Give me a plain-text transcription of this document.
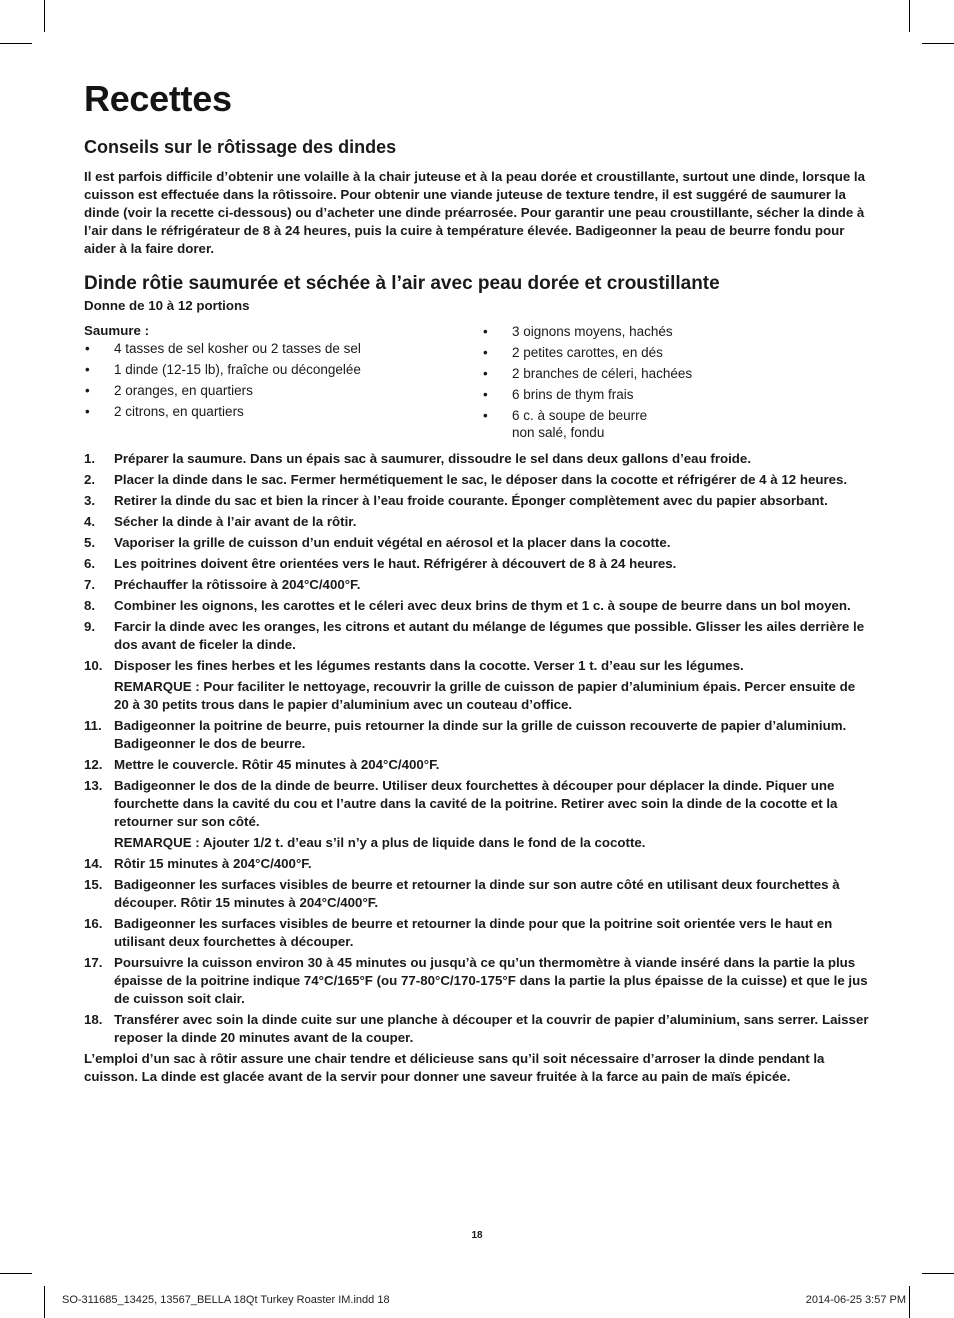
Recettes
Conseils sur le rôtissage des dindes

Il est parfois difficile d’obtenir une volaille à la chair juteuse et à la peau dorée et croustillante, surtout une dinde, lorsque la cuisson est effectuée dans la rôtissoire. Pour obtenir une viande juteuse de texture tendre, il est suggéré de saumurer la dinde (voir la recette ci-dessous) ou d’acheter une dinde préarrosée. Pour garantir une peau croustillante, sécher la dinde à l’air dans le réfrigérateur de 8 à 24 heures, puis la cuire à température élevée. Badigeonner la peau de beurre fondu pour aider à la faire dorer.

Dinde rôtie saumurée et séchée à l’air avec peau dorée et croustillante
Donne de 10 à 12 portions
Saumure :
• 4 tasses de sel kosher ou 2 tasses de sel
• 1 dinde (12-15 lb), fraîche ou décongelée
• 2 oranges, en quartiers
• 2 citrons, en quartiers
• 3 oignons moyens, hachés
• 2 petites carottes, en dés
• 2 branches de céleri, hachées
• 6 brins de thym frais
• 6 c. à soupe de beurre
non salé, fondu
1. Préparer la saumure. Dans un épais sac à saumurer, dissoudre le sel dans deux gallons d’eau froide.
2. Placer la dinde dans le sac. Fermer hermétiquement le sac, le déposer dans la cocotte et réfrigérer de 4 à 12 heures.
3. Retirer la dinde du sac et bien la rincer à l’eau froide courante. Éponger complètement avec du papier absorbant.
4. Sécher la dinde à l’air avant de la rôtir.
5. Vaporiser la grille de cuisson d’un enduit végétal en aérosol et la placer dans la cocotte.
6. Les poitrines doivent être orientées vers le haut. Réfrigérer à découvert de 8 à 24 heures.
7. Préchauffer la rôtissoire à 204°C/400°F.
8. Combiner les oignons, les carottes et le céleri avec deux brins de thym et 1 c. à soupe de beurre dans un bol moyen.
9. Farcir la dinde avec les oranges, les citrons et autant du mélange de légumes que possible. Glisser les ailes derrière le dos avant de ficeler la dinde.
10. Disposer les fines herbes et les légumes restants dans la cocotte. Verser 1 t. d’eau sur les légumes.
REMARQUE : Pour faciliter le nettoyage, recouvrir la grille de cuisson de papier d’aluminium épais. Percer ensuite de 20 à 30 petits trous dans le papier d’aluminium avec un couteau d’office.
11. Badigeonner la poitrine de beurre, puis retourner la dinde sur la grille de cuisson recouverte de papier d’aluminium. Badigeonner le dos de beurre.
12. Mettre le couvercle. Rôtir 45 minutes à 204°C/400°F.
13. Badigeonner le dos de la dinde de beurre. Utiliser deux fourchettes à découper pour déplacer la dinde. Piquer une fourchette dans la cavité du cou et l’autre dans la cavité de la poitrine. Retirer avec soin la dinde de la cocotte et la retourner sur son côté.
REMARQUE : Ajouter 1/2 t. d’eau s’il n’y a plus de liquide dans le fond de la cocotte.
14. Rôtir 15 minutes à 204°C/400°F.
15. Badigeonner les surfaces visibles de beurre et retourner la dinde sur son autre côté en utilisant deux fourchettes à découper. Rôtir 15 minutes à 204°C/400°F.
16. Badigeonner les surfaces visibles de beurre et retourner la dinde pour que la poitrine soit orientée vers le haut en utilisant deux fourchettes à découper.
17. Poursuivre la cuisson environ 30 à 45 minutes ou jusqu’à ce qu’un thermomètre à viande inséré dans la partie la plus épaisse de la poitrine indique 74°C/165°F (ou 77-80°C/170-175°F dans la partie la plus épaisse de la cuisse) et que le jus de cuisson soit clair.
18. Transférer avec soin la dinde cuite sur une planche à découper et la couvrir de papier d’aluminium, sans serrer. Laisser reposer la dinde 20 minutes avant de la couper.

L’emploi d’un sac à rôtir assure une chair tendre et délicieuse sans qu’il soit nécessaire d’arroser la dinde pendant la cuisson. La dinde est glacée avant de la servir pour donner une saveur fruitée à la farce au pain de maïs épicée.

18
SO-311685_13425, 13567_BELLA 18Qt Turkey Roaster IM.indd 18	2014-06-25 3:57 PM
